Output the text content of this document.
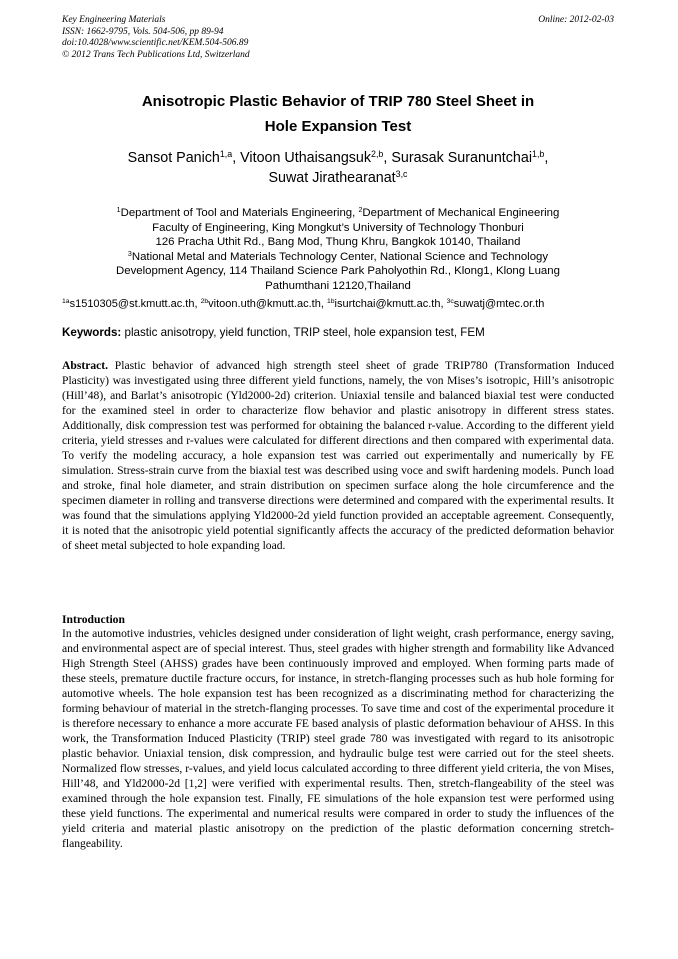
Key Engineering Materials
ISSN: 1662-9795, Vols. 504-506, pp 89-94
doi:10.4028/www.scientific.net/KEM.504-506.89
© 2012 Trans Tech Publications Ltd, Switzerland
Online: 2012-02-03
Anisotropic Plastic Behavior of TRIP 780 Steel Sheet in
Hole Expansion Test
Sansot Panich$^{1,a}$, Vitoon Uthaisangsuk$^{2,b}$, Surasak Suranuntchai$^{1,b}$,
Suwat Jirathearanat$^{3,c}$
$^1$Department of Tool and Materials Engineering, $^2$Department of Mechanical Engineering
Faculty of Engineering, King Mongkut’s University of Technology Thonburi
126 Pracha Uthit Rd., Bang Mod, Thung Khru, Bangkok 10140, Thailand
$^3$National Metal and Materials Technology Center, National Science and Technology
Development Agency, 114 Thailand Science Park Paholyothin Rd., Klong1, Klong Luang
Pathumthani 12120,Thailand
$^{1a}$s1510305@st.kmutt.ac.th, $^{2b}$vitoon.uth@kmutt.ac.th, $^{1b}$isurtchai@kmutt.ac.th, $^{3c}$suwatj@mtec.or.th
Keywords: plastic anisotropy, yield function, TRIP steel, hole expansion test, FEM
Abstract. Plastic behavior of advanced high strength steel sheet of grade TRIP780 (Transformation Induced Plasticity) was investigated using three different yield functions, namely, the von Mises’s isotropic, Hill’s anisotropic (Hill’48), and Barlat’s anisotropic (Yld2000-2d) criterion. Uniaxial tensile and balanced biaxial test were conducted for the examined steel in order to characterize flow behavior and plastic anisotropy in different stress states. Additionally, disk compression test was performed for obtaining the balanced r-value. According to the different yield criteria, yield stresses and r-values were calculated for different directions and then compared with experimental data. To verify the modeling accuracy, a hole expansion test was carried out experimentally and numerically by FE simulation. Stress-strain curve from the biaxial test was described using voce and swift hardening models. Punch load and stroke, final hole diameter, and strain distribution on specimen surface along the hole circumference and the specimen diameter in rolling and transverse directions were determined and compared with the experimental results. It was found that the simulations applying Yld2000-2d yield function provided an acceptable agreement. Consequently, it is noted that the anisotropic yield potential significantly affects the accuracy of the predicted deformation behavior of sheet metal subjected to hole expanding load.
Introduction
In the automotive industries, vehicles designed under consideration of light weight, crash performance, energy saving, and environmental aspect are of special interest. Thus, steel grades with higher strength and formability like Advanced High Strength Steel (AHSS) grades have been continuously improved and employed. When forming parts made of these steels, premature ductile fracture occurs, for instance, in stretch-flanging processes such as hub hole forming for automotive wheels. The hole expansion test has been recognized as a discriminating method for characterizing the forming behaviour of material in the stretch-flanging processes. To save time and cost of the experimental procedure it is therefore necessary to enhance a more accurate FE based analysis of plastic deformation behaviour of AHSS. In this work, the Transformation Induced Plasticity (TRIP) steel grade 780 was investigated with regard to its anisotropic plastic behavior. Uniaxial tension, disk compression, and hydraulic bulge test were carried out for the steel sheets. Normalized flow stresses, r-values, and yield locus calculated according to three different yield criteria, the von Mises, Hill’48, and Yld2000-2d [1,2] were verified with experimental results. Then, stretch-flangeability of the steel was examined through the hole expansion test. Finally, FE simulations of the hole expansion test were performed using these yield functions. The experimental and numerical results were compared in order to study the influences of the yield criteria and material plastic anisotropy on the prediction of the plastic deformation concerning stretch-flangeability.
